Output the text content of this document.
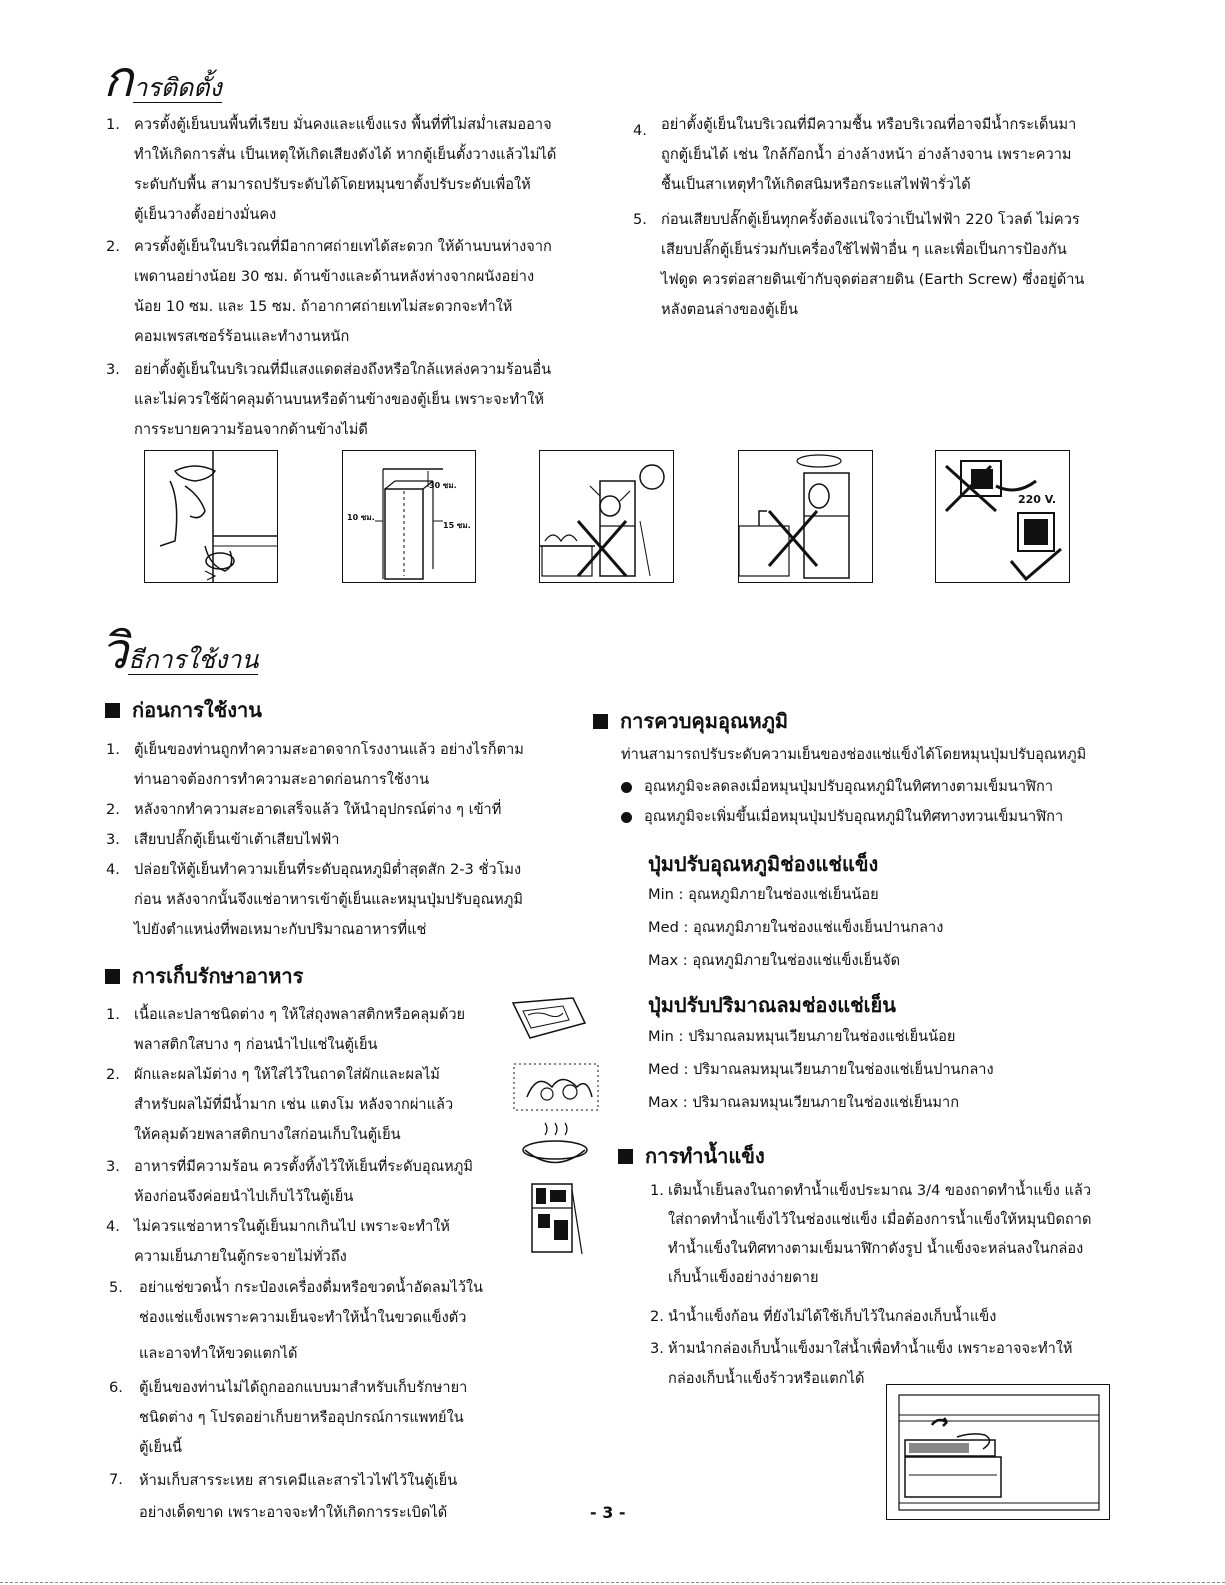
การติดตั้ง
1. ควรตั้งตู้เย็นบนพื้นที่เรียบ มั่นคงและแข็งแรง พื้นที่ที่ไม่สม่ำเสมออาจ
ทำให้เกิดการสั่น เป็นเหตุให้เกิดเสียงดังได้ หากตู้เย็นตั้งวางแล้วไม่ได้
ระดับกับพื้น สามารถปรับระดับได้โดยหมุนขาตั้งปรับระดับเพื่อให้
ตู้เย็นวางตั้งอย่างมั่นคง
2. ควรตั้งตู้เย็นในบริเวณที่มีอากาศถ่ายเทได้สะดวก ให้ด้านบนห่างจาก
เพดานอย่างน้อย 30 ซม. ด้านข้างและด้านหลังห่างจากผนังอย่าง
น้อย 10 ซม. และ 15 ซม. ถ้าอากาศถ่ายเทไม่สะดวกจะทำให้
คอมเพรสเซอร์ร้อนและทำงานหนัก
3. อย่าตั้งตู้เย็นในบริเวณที่มีแสงแดดส่องถึงหรือใกล้แหล่งความร้อนอื่น
และไม่ควรใช้ผ้าคลุมด้านบนหรือด้านข้างของตู้เย็น เพราะจะทำให้
การระบายความร้อนจากด้านข้างไม่ดี
4. อย่าตั้งตู้เย็นในบริเวณที่มีความชื้น หรือบริเวณที่อาจมีน้ำกระเด็นมา
ถูกตู้เย็นได้ เช่น ใกล้ก๊อกน้ำ อ่างล้างหน้า อ่างล้างจาน เพราะความ
ชื้นเป็นสาเหตุทำให้เกิดสนิมหรือกระแสไฟฟ้ารั่วได้
5. ก่อนเสียบปลั๊กตู้เย็นทุกครั้งต้องแน่ใจว่าเป็นไฟฟ้า 220 โวลต์ ไม่ควร
เสียบปลั๊กตู้เย็นร่วมกับเครื่องใช้ไฟฟ้าอื่น ๆ และเพื่อเป็นการป้องกัน
ไฟดูด ควรต่อสายดินเข้ากับจุดต่อสายดิน (Earth Screw) ซึ่งอยู่ด้าน
หลังตอนล่างของตู้เย็น
30 ซม.
10 ซม.
15 ซม.
220 V.
วิธีการใช้งาน
ก่อนการใช้งาน
1. ตู้เย็นของท่านถูกทำความสะอาดจากโรงงานแล้ว อย่างไรก็ตาม
ท่านอาจต้องการทำความสะอาดก่อนการใช้งาน
2. หลังจากทำความสะอาดเสร็จแล้ว ให้นำอุปกรณ์ต่าง ๆ เข้าที่
3. เสียบปลั๊กตู้เย็นเข้าเต้าเสียบไฟฟ้า
4. ปล่อยให้ตู้เย็นทำความเย็นที่ระดับอุณหภูมิต่ำสุดสัก 2-3 ชั่วโมง
ก่อน หลังจากนั้นจึงแช่อาหารเข้าตู้เย็นและหมุนปุ่มปรับอุณหภูมิ
ไปยังตำแหน่งที่พอเหมาะกับปริมาณอาหารที่แช่
การเก็บรักษาอาหาร
1. เนื้อและปลาชนิดต่าง ๆ ให้ใส่ถุงพลาสติกหรือคลุมด้วย
พลาสติกใสบาง ๆ ก่อนนำไปแช่ในตู้เย็น
2. ผักและผลไม้ต่าง ๆ ให้ใส่ไว้ในถาดใส่ผักและผลไม้
สำหรับผลไม้ที่มีน้ำมาก เช่น แตงโม หลังจากผ่าแล้ว
ให้คลุมด้วยพลาสติกบางใสก่อนเก็บในตู้เย็น
3. อาหารที่มีความร้อน ควรตั้งทิ้งไว้ให้เย็นที่ระดับอุณหภูมิ
ห้องก่อนจึงค่อยนำไปเก็บไว้ในตู้เย็น
4. ไม่ควรแช่อาหารในตู้เย็นมากเกินไป เพราะจะทำให้
ความเย็นภายในตู้กระจายไม่ทั่วถึง
5. อย่าแช่ขวดน้ำ กระป๋องเครื่องดื่มหรือขวดน้ำอัดลมไว้ใน
ช่องแช่แข็งเพราะความเย็นจะทำให้น้ำในขวดแข็งตัว
และอาจทำให้ขวดแตกได้
6. ตู้เย็นของท่านไม่ได้ถูกออกแบบมาสำหรับเก็บรักษายา
ชนิดต่าง ๆ โปรดอย่าเก็บยาหรืออุปกรณ์การแพทย์ใน
ตู้เย็นนี้
7. ห้ามเก็บสารระเหย สารเคมีและสารไวไฟไว้ในตู้เย็น
อย่างเด็ดขาด เพราะอาจจะทำให้เกิดการระเบิดได้
การควบคุมอุณหภูมิ
ท่านสามารถปรับระดับความเย็นของช่องแช่แข็งได้โดยหมุนปุ่มปรับอุณหภูมิ
อุณหภูมิจะลดลงเมื่อหมุนปุ่มปรับอุณหภูมิในทิศทางตามเข็มนาฬิกา
อุณหภูมิจะเพิ่มขึ้นเมื่อหมุนปุ่มปรับอุณหภูมิในทิศทางทวนเข็มนาฬิกา
ปุ่มปรับอุณหภูมิช่องแช่แข็ง
Min : อุณหภูมิภายในช่องแช่เย็นน้อย
Med : อุณหภูมิภายในช่องแช่แข็งเย็นปานกลาง
Max : อุณหภูมิภายในช่องแช่แข็งเย็นจัด
ปุ่มปรับปริมาณลมช่องแช่เย็น
Min : ปริมาณลมหมุนเวียนภายในช่องแช่เย็นน้อย
Med : ปริมาณลมหมุนเวียนภายในช่องแช่เย็นปานกลาง
Max : ปริมาณลมหมุนเวียนภายในช่องแช่เย็นมาก
การทำน้ำแข็ง
1. เติมน้ำเย็นลงในถาดทำน้ำแข็งประมาณ 3/4 ของถาดทำน้ำแข็ง แล้ว
ใส่ถาดทำน้ำแข็งไว้ในช่องแช่แข็ง เมื่อต้องการน้ำแข็งให้หมุนบิดถาด
ทำน้ำแข็งในทิศทางตามเข็มนาฬิกาดังรูป น้ำแข็งจะหล่นลงในกล่อง
เก็บน้ำแข็งอย่างง่ายดาย
2. นำน้ำแข็งก้อน ที่ยังไม่ได้ใช้เก็บไว้ในกล่องเก็บน้ำแข็ง
3. ห้ามนำกล่องเก็บน้ำแข็งมาใส่น้ำเพื่อทำน้ำแข็ง เพราะอาจจะทำให้
กล่องเก็บน้ำแข็งร้าวหรือแตกได้
- 3 -
